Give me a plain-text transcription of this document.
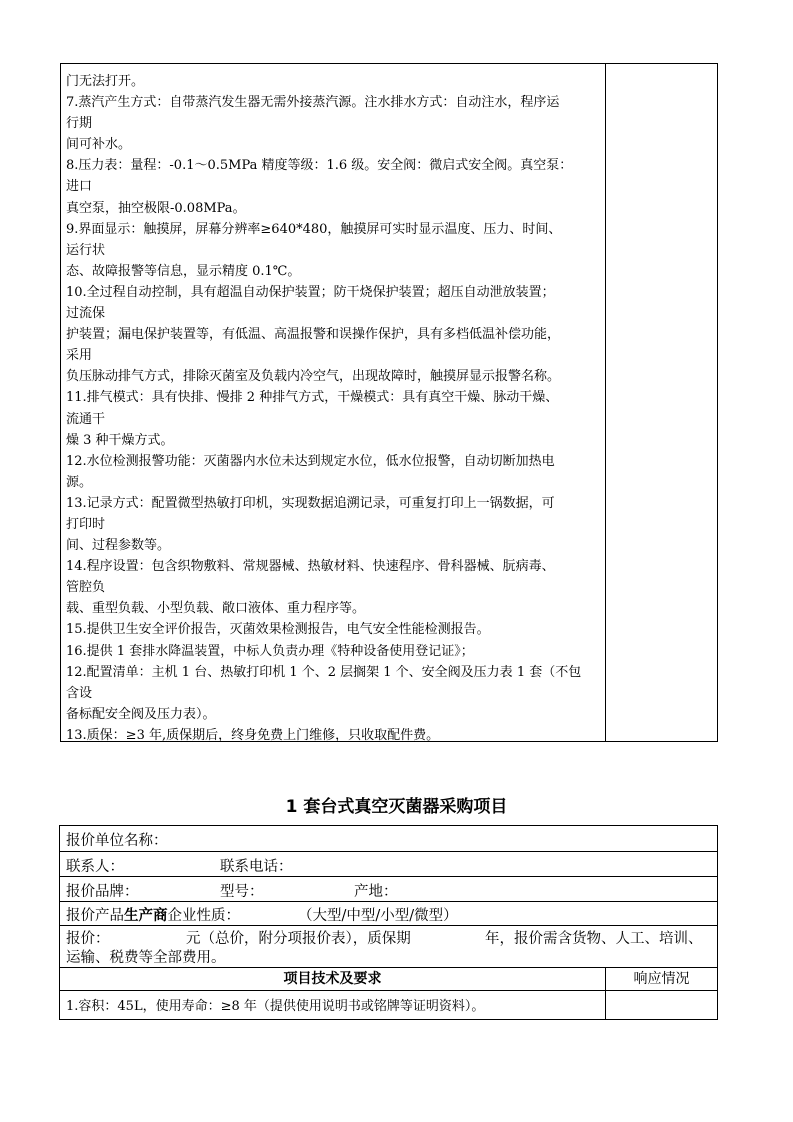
门无法打开。
7.蒸汽产生方式：自带蒸汽发生器无需外接蒸汽源。注水排水方式：自动注水，程序运
行期
间可补水。
8.压力表：量程：-0.1～0.5MPa 精度等级：1.6 级。安全阀：微启式安全阀。真空泵：
进口
真空泵，抽空极限-0.08MPa。
9.界面显示：触摸屏，屏幕分辨率≥640*480，触摸屏可实时显示温度、压力、时间、
运行状
态、故障报警等信息，显示精度 0.1℃。
10.全过程自动控制，具有超温自动保护装置；防干烧保护装置；超压自动泄放装置；
过流保
护装置；漏电保护装置等，有低温、高温报警和误操作保护，具有多档低温补偿功能，
采用
负压脉动排气方式，排除灭菌室及负载内冷空气，出现故障时，触摸屏显示报警名称。
11.排气模式：具有快排、慢排 2 种排气方式，干燥模式：具有真空干燥、脉动干燥、
流通干
燥 3 种干燥方式。
12.水位检测报警功能：灭菌器内水位未达到规定水位，低水位报警，自动切断加热电
源。
13.记录方式：配置微型热敏打印机，实现数据追溯记录，可重复打印上一锅数据，可
打印时
间、过程参数等。
14.程序设置：包含织物敷料、常规器械、热敏材料、快速程序、骨科器械、朊病毒、
管腔负
载、重型负载、小型负载、敞口液体、重力程序等。
15.提供卫生安全评价报告，灭菌效果检测报告，电气安全性能检测报告。
16.提供 1 套排水降温装置，中标人负责办理《特种设备使用登记证》；
12.配置清单：主机 1 台、热敏打印机 1 个、2 层搁架 1 个、安全阀及压力表 1 套（不包
含设
备标配安全阀及压力表）。
13.质保：≥3 年,质保期后，终身免费上门维修，只收取配件费。
1 套台式真空灭菌器采购项目
报价单位名称：
联系人：	联系电话：
报价品牌：	型号：	产地：
报价产品生产商企业性质：	（大型/中型/小型/微型）
报价：	元（总价，附分项报价表），质保期	年，报价需含货物、人工、培训、
运输、税费等全部费用。
项目技术及要求	响应情况
1.容积：45L，使用寿命：≥8 年（提供使用说明书或铭牌等证明资料）。
